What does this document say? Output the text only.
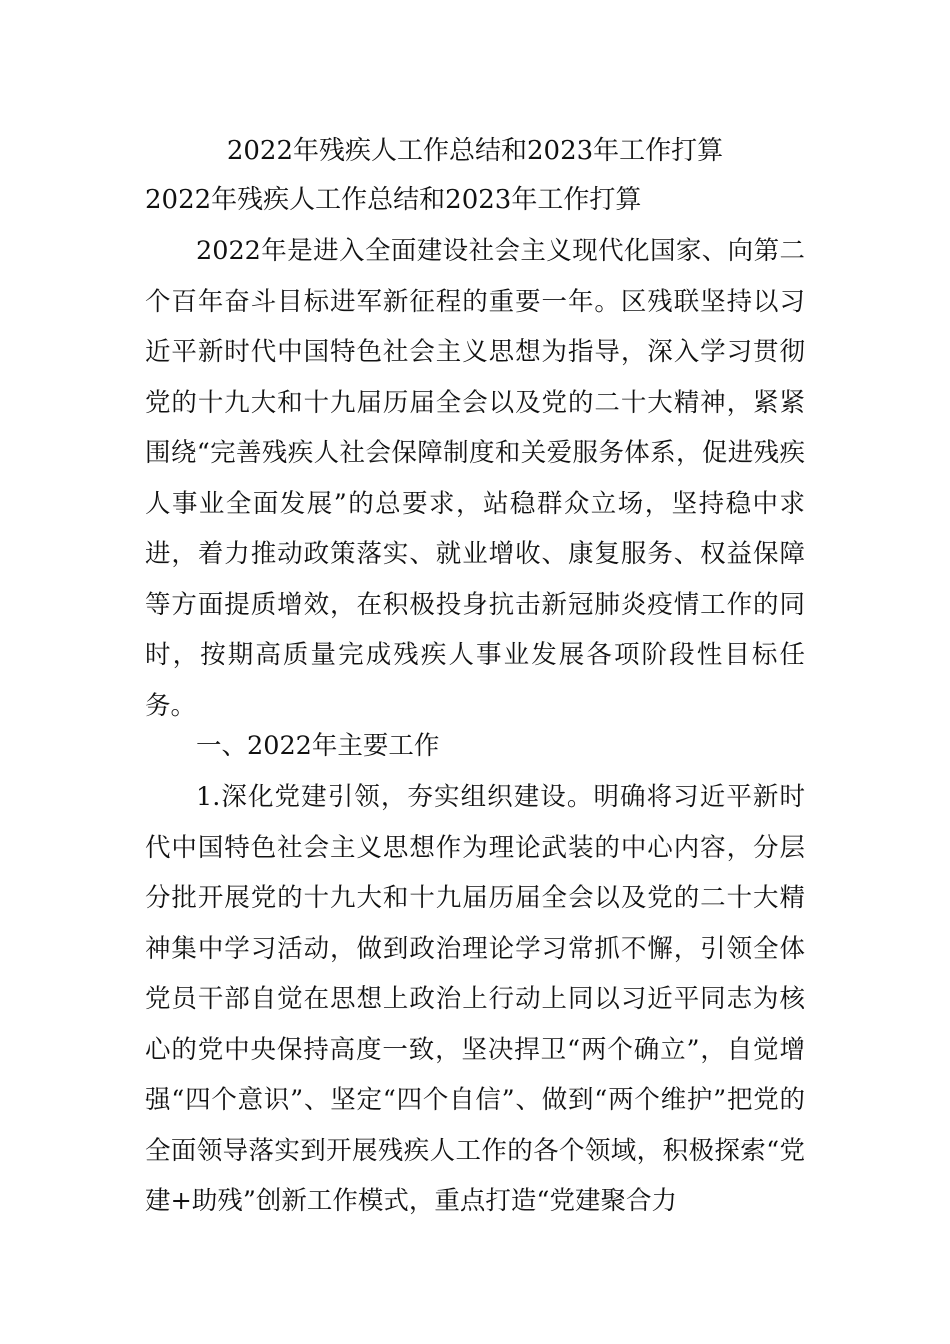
2022年残疾人工作总结和2023年工作打算
2022年残疾人工作总结和2023年工作打算

2022年是进入全面建设社会主义现代化国家、向第二个百年奋斗目标进军新征程的重要一年。区残联坚持以习近平新时代中国特色社会主义思想为指导，深入学习贯彻党的十九大和十九届历届全会以及党的二十大精神，紧紧围绕“完善残疾人社会保障制度和关爱服务体系，促进残疾人事业全面发展”的总要求，站稳群众立场，坚持稳中求进，着力推动政策落实、就业增收、康复服务、权益保障等方面提质增效，在积极投身抗击新冠肺炎疫情工作的同时，按期高质量完成残疾人事业发展各项阶段性目标任务。

一、2022年主要工作

1.深化党建引领，夯实组织建设。明确将习近平新时代中国特色社会主义思想作为理论武装的中心内容，分层分批开展党的十九大和十九届历届全会以及党的二十大精神集中学习活动，做到政治理论学习常抓不懈，引领全体党员干部自觉在思想上政治上行动上同以习近平同志为核心的党中央保持高度一致，坚决捍卫“两个确立”，自觉增强“四个意识”、坚定“四个自信”、做到“两个维护”把党的全面领导落实到开展残疾人工作的各个领域，积极探索“党建+助残”创新工作模式，重点打造“党建聚合力
